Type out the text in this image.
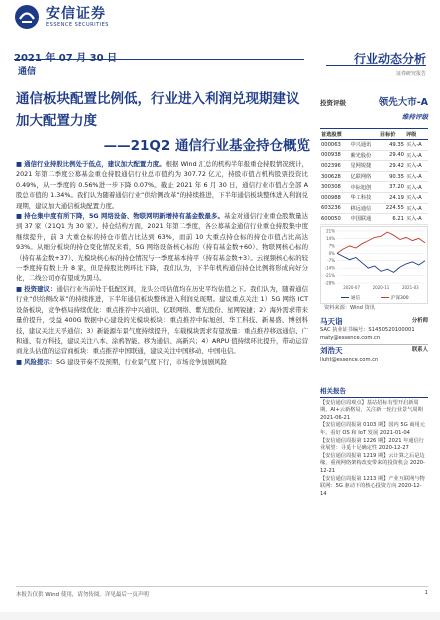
安信证券
ESSENCE SECURITIES
2021 年 07 月 30 日
通信
行业动态分析
证券研究报告
通信板块配置比例低，行业进入利润兑现期建议加大配置力度
——21Q2 通信行业基金持仓概览

■ 通信行业持股比例处于低点，建议加大配置力度。根据 Wind 汇总的机构半年报重仓持股情况统计，2021 年第二季度公募基金重仓持股通信行业总市值约为 307.72 亿元，持股市值占机构股票投资比 0.49%，从一季度的 0.56%进一步下降 0.07%。截止 2021 年 6 月 30 日，通信行业市值占全部 A 股总市值的 1.34%。我们认为随着通信行业“供给侧改革”的持续推进，下半年通信板块整体进入利润兑现期，建议加大通信板块配置力度。

■ 持仓集中度有所下降，5G 网络设备、物联网明新增持有基金数最多。基金对通信行业重仓股数量达到 37 家（21Q1 为 30 家）。持仓结构方面，2021 年第二季度，各公募基金通信行业重仓持股集中度继续提升，前 3 大重仓标的持仓市值占比达到 63%，而前 10 大重点持仓标的持仓市值占比高达 93%。从细分板块的持仓变化情况来看，5G 网络设备核心标的（持有基金数+60）、物联网核心标的（持有基金数+37）、光模块核心标的持仓情况与一季度基本持平（持有基金数+3）。云视频核心标的较一季度持有数上升 8 家，但是持股比例环比下降，我们认为，下半年机构通信持仓比例将形成向好分化，二线公司亦有望成为黑马。

■ 投资建议：通信行业当前处于低配区间，龙头公司估值均在历史平均估值之下。我们认为，随着通信行业“供给侧改革”的持续推进，下半年通信板块整体进入利润兑现期。建议重点关注 1）5G 网络 ICT 设备板块，竞争格局持续优化：重点推荐中兴通讯、亿联网络、紫光股份、星网锐捷；2）海外需求带来量价提升，受益 400G 数据中心建设的光模块板块：重点推荐中际旭创、华工科技、新易盛、博创科技，建议关注天孚通信；3）新能源车景气度持续提升，车载模块需求有望放量：重点推荐移远通信、广和通、有方科技，建议关注八本、涂鸦智能、移为通信、高新兴；4）ARPU 值持续环比提升，带动运营商龙头估值的运营商板块：重点推荐中国联通，建议关注中国移动、中国电信。

■ 风险提示：5G 建设节奏不及预期，行业景气度下行，市场竞争加剧风险

投资评级	领先大市-A
维持评级
首选股票		目标价	评级
000063	中兴通讯	49.35	买入-A
000938	紫光股份	29.40	买入-A
002396	星网锐捷	29.42	买入-A
300628	亿联网络	90.35	买入-A
300308	中际旭创	37.20	买入-A
000988	华工科技	24.19	买入-A
603236	移远通信	224.55	买入-A
600050	中国联通	6.21	买入-A
21%
14%
7%
0%
-7%
-14%
-21%
-28%
2020-07	2020-11	2021-03
通信	沪深300
资料来源：Wind 资讯
马天诣	分析师
SAC 执业证书编号：S1450520100001
maty@essence.com.cn
刘浩天	联系人
liuht@essence.com.cn
相关报告
【安信通信周观点】基站招标有望开启新周期、AI+云新格局，关注新一轮行业景气周期 2021-06-21
【安信通信周报第 0103 期】国内 5G 商用元年，看好 OS 和 IoT 发展 2021-01-04
【安信通信周报第 1226 期】2021 年通信行业展望：寻觅十足确定性 2020-12-27
【安信通信周报第 1219 期】云计算之后是边缘，重视网络架构改变带来的投资机会 2020-12-21
【安信通信周报第 1213 期】产业互联网与物联网：5G 驱动下的核心投资方向 2020-12-14
本报告仅供 Wind 使用，请勿传阅。详见最后一页声明	1
